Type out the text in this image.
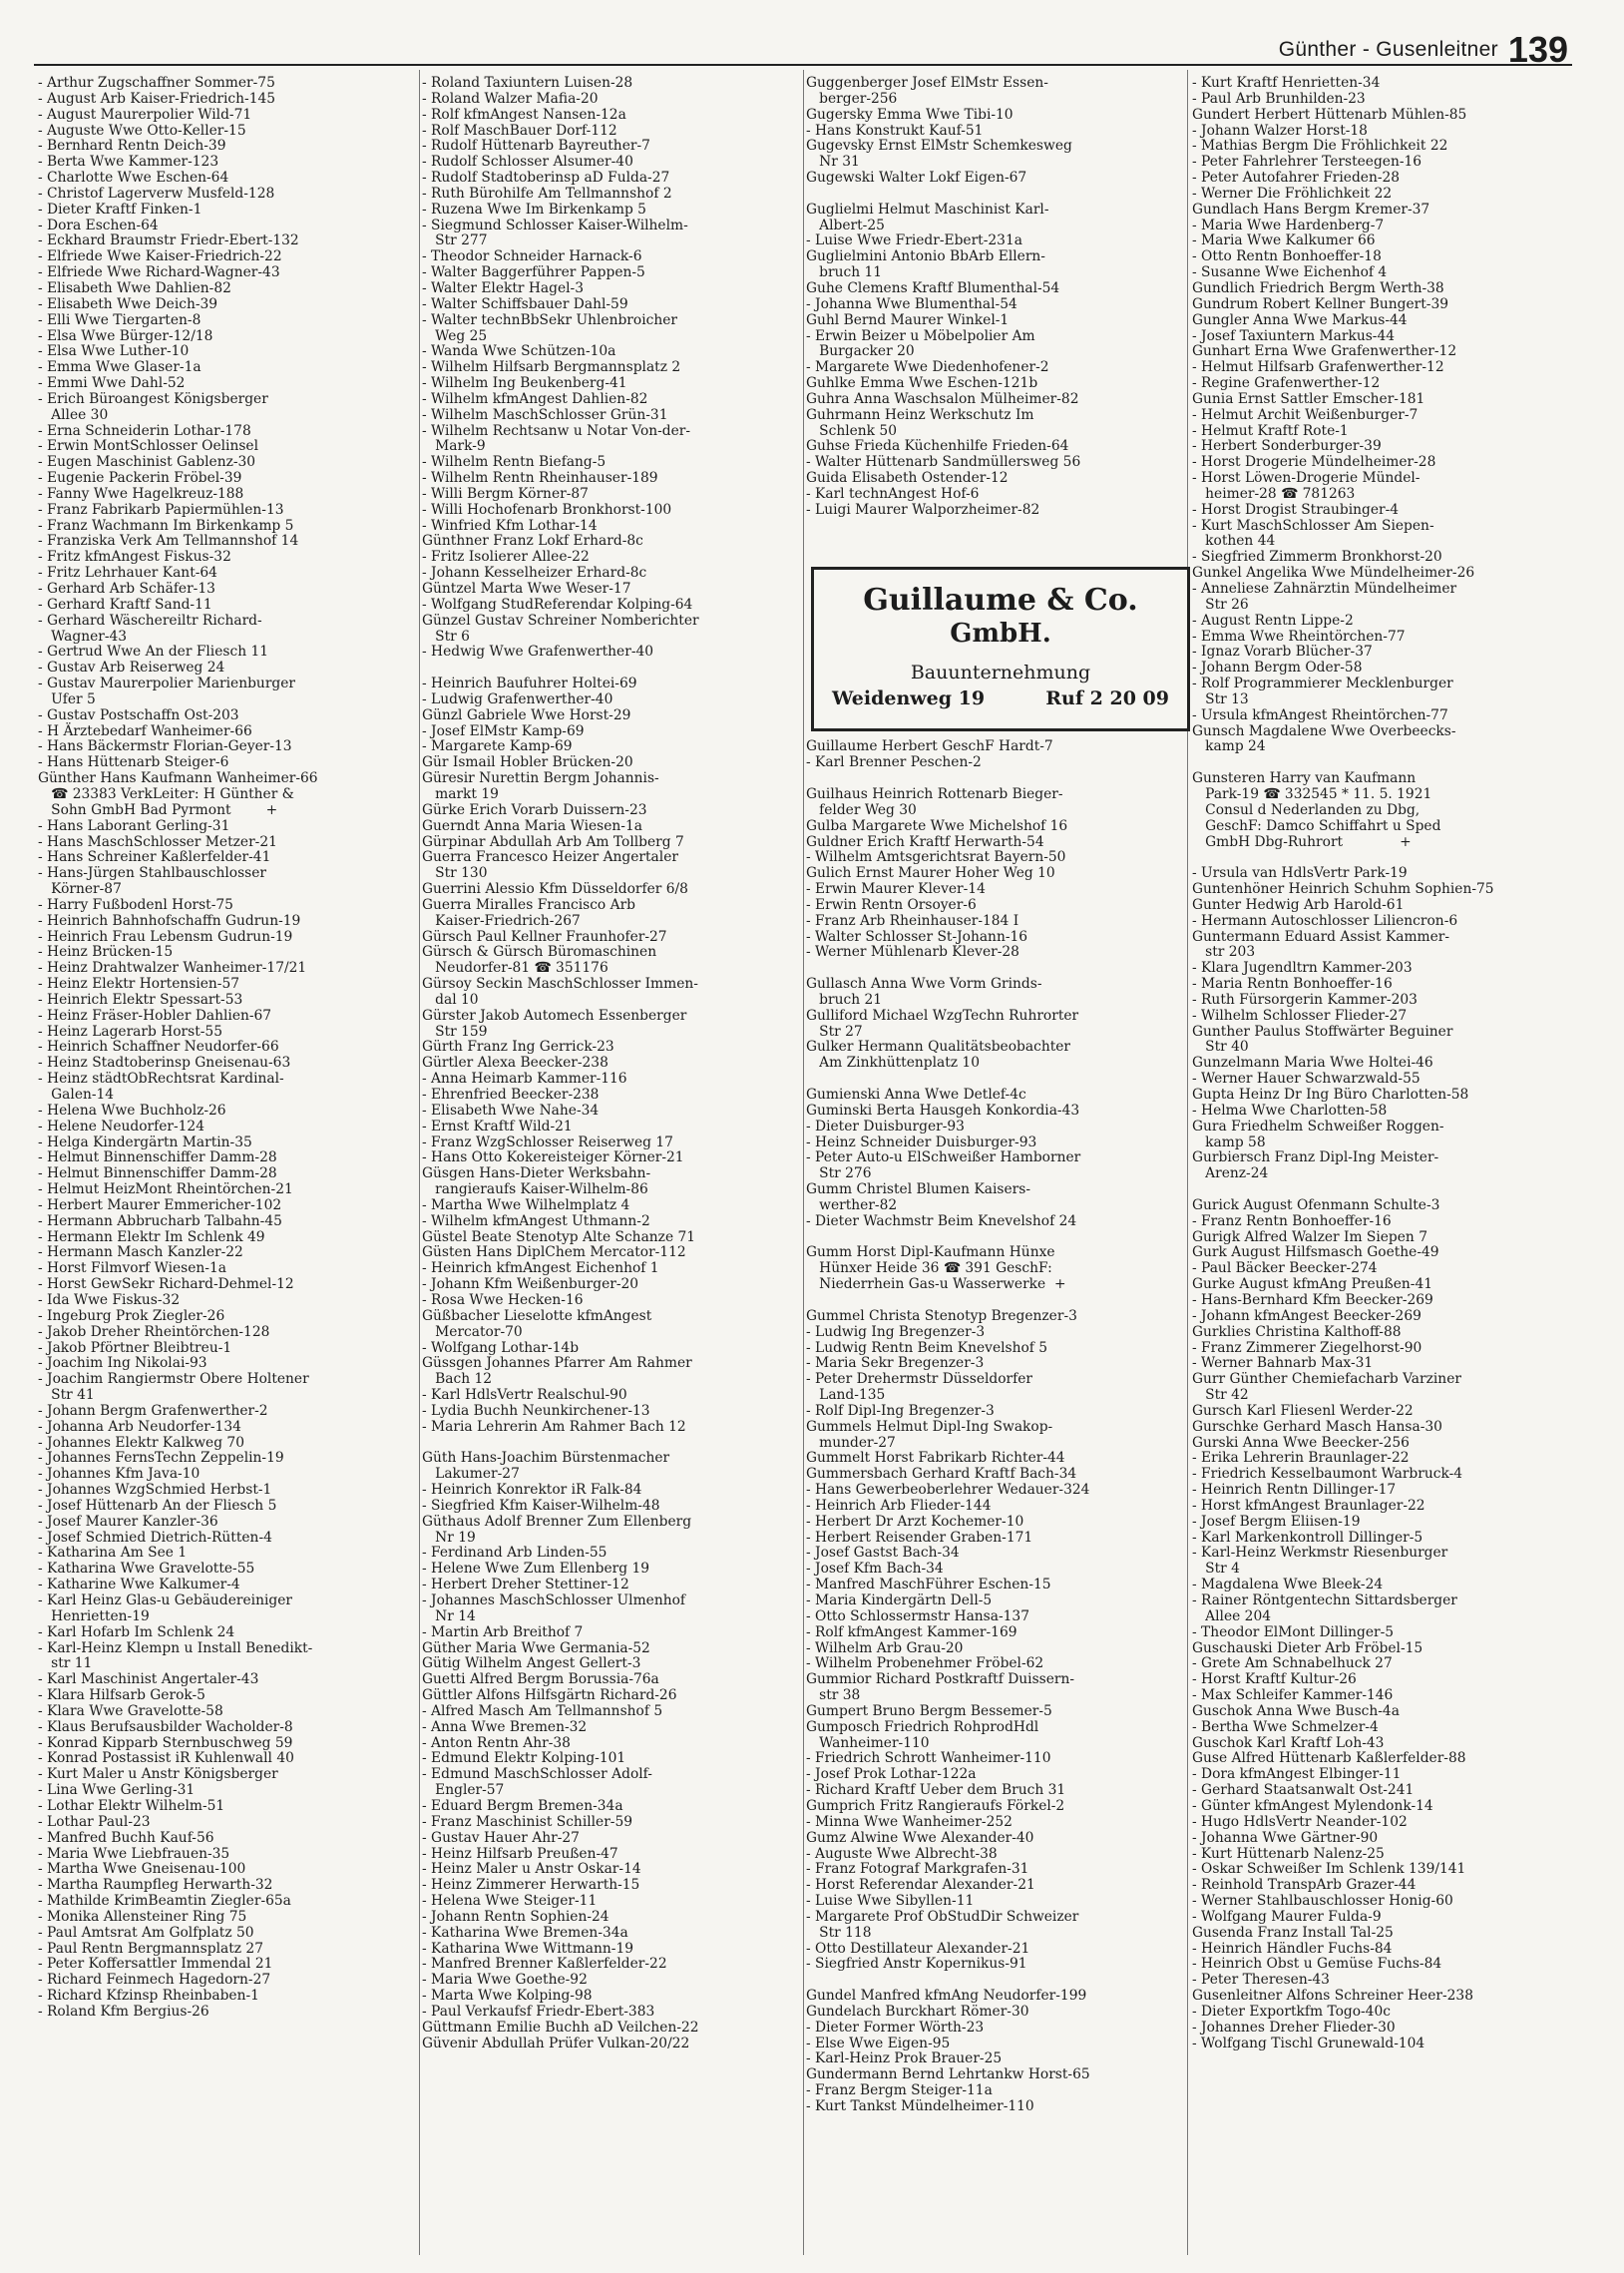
Günther - Gusenleitner 139
- Arthur Zugschaffner Sommer-75
- August Arb Kaiser-Friedrich-145
- August Maurerpolier Wild-71
- Auguste Wwe Otto-Keller-15
- Bernhard Rentn Deich-39
- Berta Wwe Kammer-123
- Charlotte Wwe Eschen-64
- Christof Lagerverw Musfeld-128
- Dieter Kraftf Finken-1
- Dora Eschen-64
- Eckhard Braumstr Friedr-Ebert-132
- Elfriede Wwe Kaiser-Friedrich-22
- Elfriede Wwe Richard-Wagner-43
- Elisabeth Wwe Dahlien-82
- Elisabeth Wwe Deich-39
- Elli Wwe Tiergarten-8
- Elsa Wwe Bürger-12/18
- Elsa Wwe Luther-10
- Emma Wwe Glaser-1a
- Emmi Wwe Dahl-52
- Erich Büroangest Königsberger
Allee 30
- Erna Schneiderin Lothar-178
- Erwin MontSchlosser Oelinsel
- Eugen Maschinist Gablenz-30
- Eugenie Packerin Fröbel-39
- Fanny Wwe Hagelkreuz-188
- Franz Fabrikarb Papiermühlen-13
- Franz Wachmann Im Birkenkamp 5
- Franziska Verk Am Tellmannshof 14
- Fritz kfmAngest Fiskus-32
- Fritz Lehrhauer Kant-64
- Gerhard Arb Schäfer-13
- Gerhard Kraftf Sand-11
- Gerhard Wäschereiltr Richard-
Wagner-43
- Gertrud Wwe An der Fliesch 11
- Gustav Arb Reiserweg 24
- Gustav Maurerpolier Marienburger
Ufer 5
- Gustav Postschaffn Ost-203
- H Ärztebedarf Wanheimer-66
- Hans Bäckermstr Florian-Geyer-13
- Hans Hüttenarb Steiger-6
Günther Hans Kaufmann Wanheimer-66
☎ 23383 VerkLeiter: H Günther &
Sohn GmbH Bad Pyrmont        +
- Hans Laborant Gerling-31
- Hans MaschSchlosser Metzer-21
- Hans Schreiner Kaßlerfelder-41
- Hans-Jürgen Stahlbauschlosser
Körner-87
- Harry Fußbodenl Horst-75
- Heinrich Bahnhofschaffn Gudrun-19
- Heinrich Frau Lebensm Gudrun-19
- Heinz Brücken-15
- Heinz Drahtwalzer Wanheimer-17/21
- Heinz Elektr Hortensien-57
- Heinrich Elektr Spessart-53
- Heinz Fräser-Hobler Dahlien-67
- Heinz Lagerarb Horst-55
- Heinrich Schaffner Neudorfer-66
- Heinz Stadtoberinsp Gneisenau-63
- Heinz städtObRechtsrat Kardinal-
Galen-14
- Helena Wwe Buchholz-26
- Helene Neudorfer-124
- Helga Kindergärtn Martin-35
- Helmut Binnenschiffer Damm-28
- Helmut Binnenschiffer Damm-28
- Helmut HeizMont Rheintörchen-21
- Herbert Maurer Emmericher-102
- Hermann Abbrucharb Talbahn-45
- Hermann Elektr Im Schlenk 49
- Hermann Masch Kanzler-22
- Horst Filmvorf Wiesen-1a
- Horst GewSekr Richard-Dehmel-12
- Ida Wwe Fiskus-32
- Ingeburg Prok Ziegler-26
- Jakob Dreher Rheintörchen-128
- Jakob Pförtner Bleibtreu-1
- Joachim Ing Nikolai-93
- Joachim Rangiermstr Obere Holtener
Str 41
- Johann Bergm Grafenwerther-2
- Johanna Arb Neudorfer-134
- Johannes Elektr Kalkweg 70
- Johannes FernsTechn Zeppelin-19
- Johannes Kfm Java-10
- Johannes WzgSchmied Herbst-1
- Josef Hüttenarb An der Fliesch 5
- Josef Maurer Kanzler-36
- Josef Schmied Dietrich-Rütten-4
- Katharina Am See 1
- Katharina Wwe Gravelotte-55
- Katharine Wwe Kalkumer-4
- Karl Heinz Glas-u Gebäudereiniger
Henrietten-19
- Karl Hofarb Im Schlenk 24
- Karl-Heinz Klempn u Install Benedikt-
str 11
- Karl Maschinist Angertaler-43
- Klara Hilfsarb Gerok-5
- Klara Wwe Gravelotte-58
- Klaus Berufsausbilder Wacholder-8
- Konrad Kipparb Sternbuschweg 59
- Konrad Postassist iR Kuhlenwall 40
- Kurt Maler u Anstr Königsberger
- Lina Wwe Gerling-31
- Lothar Elektr Wilhelm-51
- Lothar Paul-23
- Manfred Buchh Kauf-56
- Maria Wwe Liebfrauen-35
- Martha Wwe Gneisenau-100
- Martha Raumpfleg Herwarth-32
- Mathilde KrimBeamtin Ziegler-65a
- Monika Allensteiner Ring 75
- Paul Amtsrat Am Golfplatz 50
- Paul Rentn Bergmannsplatz 27
- Peter Koffersattler Immendal 21
- Richard Feinmech Hagedorn-27
- Richard Kfzinsp Rheinbaben-1
- Roland Kfm Bergius-26
- Roland Taxiuntern Luisen-28
- Roland Walzer Mafia-20
- Rolf kfmAngest Nansen-12a
- Rolf MaschBauer Dorf-112
- Rudolf Hüttenarb Bayreuther-7
- Rudolf Schlosser Alsumer-40
- Rudolf Stadtoberinsp aD Fulda-27
- Ruth Bürohilfe Am Tellmannshof 2
- Ruzena Wwe Im Birkenkamp 5
- Siegmund Schlosser Kaiser-Wilhelm-
Str 277
- Theodor Schneider Harnack-6
- Walter Baggerführer Pappen-5
- Walter Elektr Hagel-3
- Walter Schiffsbauer Dahl-59
- Walter technBbSekr Uhlenbroicher
Weg 25
- Wanda Wwe Schützen-10a
- Wilhelm Hilfsarb Bergmannsplatz 2
- Wilhelm Ing Beukenberg-41
- Wilhelm kfmAngest Dahlien-82
- Wilhelm MaschSchlosser Grün-31
- Wilhelm Rechtsanw u Notar Von-der-
Mark-9
- Wilhelm Rentn Biefang-5
- Wilhelm Rentn Rheinhauser-189
- Willi Bergm Körner-87
- Willi Hochofenarb Bronkhorst-100
- Winfried Kfm Lothar-14
Günthner Franz Lokf Erhard-8c
- Fritz Isolierer Allee-22
- Johann Kesselheizer Erhard-8c
Güntzel Marta Wwe Weser-17
- Wolfgang StudReferendar Kolping-64
Günzel Gustav Schreiner Nomberichter
Str 6
- Hedwig Wwe Grafenwerther-40
- Heinrich Baufuhrer Holtei-69
- Ludwig Grafenwerther-40
Günzl Gabriele Wwe Horst-29
- Josef ElMstr Kamp-69
- Margarete Kamp-69
Gür Ismail Hobler Brücken-20
Güresir Nurettin Bergm Johannis-
markt 19
Gürke Erich Vorarb Duissern-23
Guerndt Anna Maria Wiesen-1a
Gürpinar Abdullah Arb Am Tollberg 7
Guerra Francesco Heizer Angertaler
Str 130
Guerrini Alessio Kfm Düsseldorfer 6/8
Guerra Miralles Francisco Arb
Kaiser-Friedrich-267
Gürsch Paul Kellner Fraunhofer-27
Gürsch & Gürsch Büromaschinen
Neudorfer-81 ☎ 351176
Gürsoy Seckin MaschSchlosser Immen-
dal 10
Gürster Jakob Automech Essenberger
Str 159
Gürth Franz Ing Gerrick-23
Gürtler Alexa Beecker-238
- Anna Heimarb Kammer-116
- Ehrenfried Beecker-238
- Elisabeth Wwe Nahe-34
- Ernst Kraftf Wild-21
- Franz WzgSchlosser Reiserweg 17
- Hans Otto Kokereisteiger Körner-21
Güsgen Hans-Dieter Werksbahn-
rangieraufs Kaiser-Wilhelm-86
- Martha Wwe Wilhelmplatz 4
- Wilhelm kfmAngest Uthmann-2
Güstel Beate Stenotyp Alte Schanze 71
Güsten Hans DiplChem Mercator-112
- Heinrich kfmAngest Eichenhof 1
- Johann Kfm Weißenburger-20
- Rosa Wwe Hecken-16
Güßbacher Lieselotte kfmAngest
Mercator-70
- Wolfgang Lothar-14b
Güssgen Johannes Pfarrer Am Rahmer
Bach 12
- Karl HdlsVertr Realschul-90
- Lydia Buchh Neunkirchener-13
- Maria Lehrerin Am Rahmer Bach 12
Güth Hans-Joachim Bürstenmacher
Lakumer-27
- Heinrich Konrektor iR Falk-84
- Siegfried Kfm Kaiser-Wilhelm-48
Güthaus Adolf Brenner Zum Ellenberg
Nr 19
- Ferdinand Arb Linden-55
- Helene Wwe Zum Ellenberg 19
- Herbert Dreher Stettiner-12
- Johannes MaschSchlosser Ulmenhof
Nr 14
- Martin Arb Breithof 7
Güther Maria Wwe Germania-52
Gütig Wilhelm Angest Gellert-3
Guetti Alfred Bergm Borussia-76a
Güttler Alfons Hilfsgärtn Richard-26
- Alfred Masch Am Tellmannshof 5
- Anna Wwe Bremen-32
- Anton Rentn Ahr-38
- Edmund Elektr Kolping-101
- Edmund MaschSchlosser Adolf-
Engler-57
- Eduard Bergm Bremen-34a
- Franz Maschinist Schiller-59
- Gustav Hauer Ahr-27
- Heinz Hilfsarb Preußen-47
- Heinz Maler u Anstr Oskar-14
- Heinz Zimmerer Herwarth-15
- Helena Wwe Steiger-11
- Johann Rentn Sophien-24
- Katharina Wwe Bremen-34a
- Katharina Wwe Wittmann-19
- Manfred Brenner Kaßlerfelder-22
- Maria Wwe Goethe-92
- Marta Wwe Kolping-98
- Paul Verkaufsf Friedr-Ebert-383
Güttmann Emilie Buchh aD Veilchen-22
Güvenir Abdullah Prüfer Vulkan-20/22
Guggenberger Josef ElMstr Essen-
berger-256
Gugersky Emma Wwe Tibi-10
- Hans Konstrukt Kauf-51
Gugevsky Ernst ElMstr Schemkesweg
Nr 31
Gugewski Walter Lokf Eigen-67
Guglielmi Helmut Maschinist Karl-
Albert-25
- Luise Wwe Friedr-Ebert-231a
Guglielmini Antonio BbArb Ellern-
bruch 11
Guhe Clemens Kraftf Blumenthal-54
- Johanna Wwe Blumenthal-54
Guhl Bernd Maurer Winkel-1
- Erwin Beizer u Möbelpolier Am
Burgacker 20
- Margarete Wwe Diedenhofener-2
Guhlke Emma Wwe Eschen-121b
Guhra Anna Waschsalon Mülheimer-82
Guhrmann Heinz Werkschutz Im
Schlenk 50
Guhse Frieda Küchenhilfe Frieden-64
- Walter Hüttenarb Sandmüllersweg 56
Guida Elisabeth Ostender-12
- Karl technAngest Hof-6
- Luigi Maurer Walporzheimer-82
Guillaume Herbert GeschF Hardt-7
- Karl Brenner Peschen-2
Guilhaus Heinrich Rottenarb Bieger-
felder Weg 30
Gulba Margarete Wwe Michelshof 16
Guldner Erich Kraftf Herwarth-54
- Wilhelm Amtsgerichtsrat Bayern-50
Gulich Ernst Maurer Hoher Weg 10
- Erwin Maurer Klever-14
- Erwin Rentn Orsoyer-6
- Franz Arb Rheinhauser-184 I
- Walter Schlosser St-Johann-16
- Werner Mühlenarb Klever-28
Gullasch Anna Wwe Vorm Grinds-
bruch 21
Gulliford Michael WzgTechn Ruhrorter
Str 27
Gulker Hermann Qualitätsbeobachter
Am Zinkhüttenplatz 10
Gumienski Anna Wwe Detlef-4c
Guminski Berta Hausgeh Konkordia-43
- Dieter Duisburger-93
- Heinz Schneider Duisburger-93
- Peter Auto-u ElSchweißer Hamborner
Str 276
Gumm Christel Blumen Kaisers-
werther-82
- Dieter Wachmstr Beim Knevelshof 24
Gumm Horst Dipl-Kaufmann Hünxe
Hünxer Heide 36 ☎ 391 GeschF:
Niederrhein Gas-u Wasserwerke  +
Gummel Christa Stenotyp Bregenzer-3
- Ludwig Ing Bregenzer-3
- Ludwig Rentn Beim Knevelshof 5
- Maria Sekr Bregenzer-3
- Peter Drehermstr Düsseldorfer
Land-135
- Rolf Dipl-Ing Bregenzer-3
Gummels Helmut Dipl-Ing Swakop-
munder-27
Gummelt Horst Fabrikarb Richter-44
Gummersbach Gerhard Kraftf Bach-34
- Hans Gewerbeoberlehrer Wedauer-324
- Heinrich Arb Flieder-144
- Herbert Dr Arzt Kochemer-10
- Herbert Reisender Graben-171
- Josef Gastst Bach-34
- Josef Kfm Bach-34
- Manfred MaschFührer Eschen-15
- Maria Kindergärtn Dell-5
- Otto Schlossermstr Hansa-137
- Rolf kfmAngest Kammer-169
- Wilhelm Arb Grau-20
- Wilhelm Probenehmer Fröbel-62
Gummior Richard Postkraftf Duissern-
str 38
Gumpert Bruno Bergm Bessemer-5
Gumposch Friedrich RohprodHdl
Wanheimer-110
- Friedrich Schrott Wanheimer-110
- Josef Prok Lothar-122a
- Richard Kraftf Ueber dem Bruch 31
Gumprich Fritz Rangieraufs Förkel-2
- Minna Wwe Wanheimer-252
Gumz Alwine Wwe Alexander-40
- Auguste Wwe Albrecht-38
- Franz Fotograf Markgrafen-31
- Horst Referendar Alexander-21
- Luise Wwe Sibyllen-11
- Margarete Prof ObStudDir Schweizer
Str 118
- Otto Destillateur Alexander-21
- Siegfried Anstr Kopernikus-91
Gundel Manfred kfmAng Neudorfer-199
Gundelach Burckhart Römer-30
- Dieter Former Wörth-23
- Else Wwe Eigen-95
- Karl-Heinz Prok Brauer-25
Gundermann Bernd Lehrtankw Horst-65
- Franz Bergm Steiger-11a
- Kurt Tankst Mündelheimer-110
- Kurt Kraftf Henrietten-34
- Paul Arb Brunhilden-23
Gundert Herbert Hüttenarb Mühlen-85
- Johann Walzer Horst-18
- Mathias Bergm Die Fröhlichkeit 22
- Peter Fahrlehrer Tersteegen-16
- Peter Autofahrer Frieden-28
- Werner Die Fröhlichkeit 22
Gundlach Hans Bergm Kremer-37
- Maria Wwe Hardenberg-7
- Maria Wwe Kalkumer 66
- Otto Rentn Bonhoeffer-18
- Susanne Wwe Eichenhof 4
Gundlich Friedrich Bergm Werth-38
Gundrum Robert Kellner Bungert-39
Gungler Anna Wwe Markus-44
- Josef Taxiuntern Markus-44
Gunhart Erna Wwe Grafenwerther-12
- Helmut Hilfsarb Grafenwerther-12
- Regine Grafenwerther-12
Gunia Ernst Sattler Emscher-181
- Helmut Archit Weißenburger-7
- Helmut Kraftf Rote-1
- Herbert Sonderburger-39
- Horst Drogerie Mündelheimer-28
- Horst Löwen-Drogerie Mündel-
heimer-28 ☎ 781263
- Horst Drogist Straubinger-4
- Kurt MaschSchlosser Am Siepen-
kothen 44
- Siegfried Zimmerm Bronkhorst-20
Gunkel Angelika Wwe Mündelheimer-26
- Anneliese Zahnärztin Mündelheimer
Str 26
- August Rentn Lippe-2
- Emma Wwe Rheintörchen-77
- Ignaz Vorarb Blücher-37
- Johann Bergm Oder-58
- Rolf Programmierer Mecklenburger
Str 13
- Ursula kfmAngest Rheintörchen-77
Gunsch Magdalene Wwe Overbeecks-
kamp 24
Gunsteren Harry van Kaufmann
Park-19 ☎ 332545 * 11. 5. 1921
Consul d Nederlanden zu Dbg,
GeschF: Damco Schiffahrt u Sped
GmbH Dbg-Ruhrort             +
- Ursula van HdlsVertr Park-19
Guntenhöner Heinrich Schuhm Sophien-75
Gunter Hedwig Arb Harold-61
- Hermann Autoschlosser Liliencron-6
Guntermann Eduard Assist Kammer-
str 203
- Klara Jugendltrn Kammer-203
- Maria Rentn Bonhoeffer-16
- Ruth Fürsorgerin Kammer-203
- Wilhelm Schlosser Flieder-27
Gunther Paulus Stoffwärter Beguiner
Str 40
Gunzelmann Maria Wwe Holtei-46
- Werner Hauer Schwarzwald-55
Gupta Heinz Dr Ing Büro Charlotten-58
- Helma Wwe Charlotten-58
Gura Friedhelm Schweißer Roggen-
kamp 58
Gurbiersch Franz Dipl-Ing Meister-
Arenz-24
Gurick August Ofenmann Schulte-3
- Franz Rentn Bonhoeffer-16
Gurigk Alfred Walzer Im Siepen 7
Gurk August Hilfsmasch Goethe-49
- Paul Bäcker Beecker-274
Gurke August kfmAng Preußen-41
- Hans-Bernhard Kfm Beecker-269
- Johann kfmAngest Beecker-269
Gurklies Christina Kalthoff-88
- Franz Zimmerer Ziegelhorst-90
- Werner Bahnarb Max-31
Gurr Günther Chemiefacharb Varziner
Str 42
Gursch Karl Fliesenl Werder-22
Gurschke Gerhard Masch Hansa-30
Gurski Anna Wwe Beecker-256
- Erika Lehrerin Braunlager-22
- Friedrich Kesselbaumont Warbruck-4
- Heinrich Rentn Dillinger-17
- Horst kfmAngest Braunlager-22
- Josef Bergm Eliisen-19
- Karl Markenkontroll Dillinger-5
- Karl-Heinz Werkmstr Riesenburger
Str 4
- Magdalena Wwe Bleek-24
- Rainer Röntgentechn Sittardsberger
Allee 204
- Theodor ElMont Dillinger-5
Guschauski Dieter Arb Fröbel-15
- Grete Am Schnabelhuck 27
- Horst Kraftf Kultur-26
- Max Schleifer Kammer-146
Guschok Anna Wwe Busch-4a
- Bertha Wwe Schmelzer-4
Guschok Karl Kraftf Loh-43
Guse Alfred Hüttenarb Kaßlerfelder-88
- Dora kfmAngest Elbinger-11
- Gerhard Staatsanwalt Ost-241
- Günter kfmAngest Mylendonk-14
- Hugo HdlsVertr Neander-102
- Johanna Wwe Gärtner-90
- Kurt Hüttenarb Nalenz-25
- Oskar Schweißer Im Schlenk 139/141
- Reinhold TranspArb Grazer-44
- Werner Stahlbauschlosser Honig-60
- Wolfgang Maurer Fulda-9
Gusenda Franz Install Tal-25
- Heinrich Händler Fuchs-84
- Heinrich Obst u Gemüse Fuchs-84
- Peter Theresen-43
Gusenleitner Alfons Schreiner Heer-238
- Dieter Exportkfm Togo-40c
- Johannes Dreher Flieder-30
- Wolfgang Tischl Grunewald-104
Guillaume & Co.
GmbH.
Bauunternehmung
Weidenweg 19	Ruf 2 20 09
